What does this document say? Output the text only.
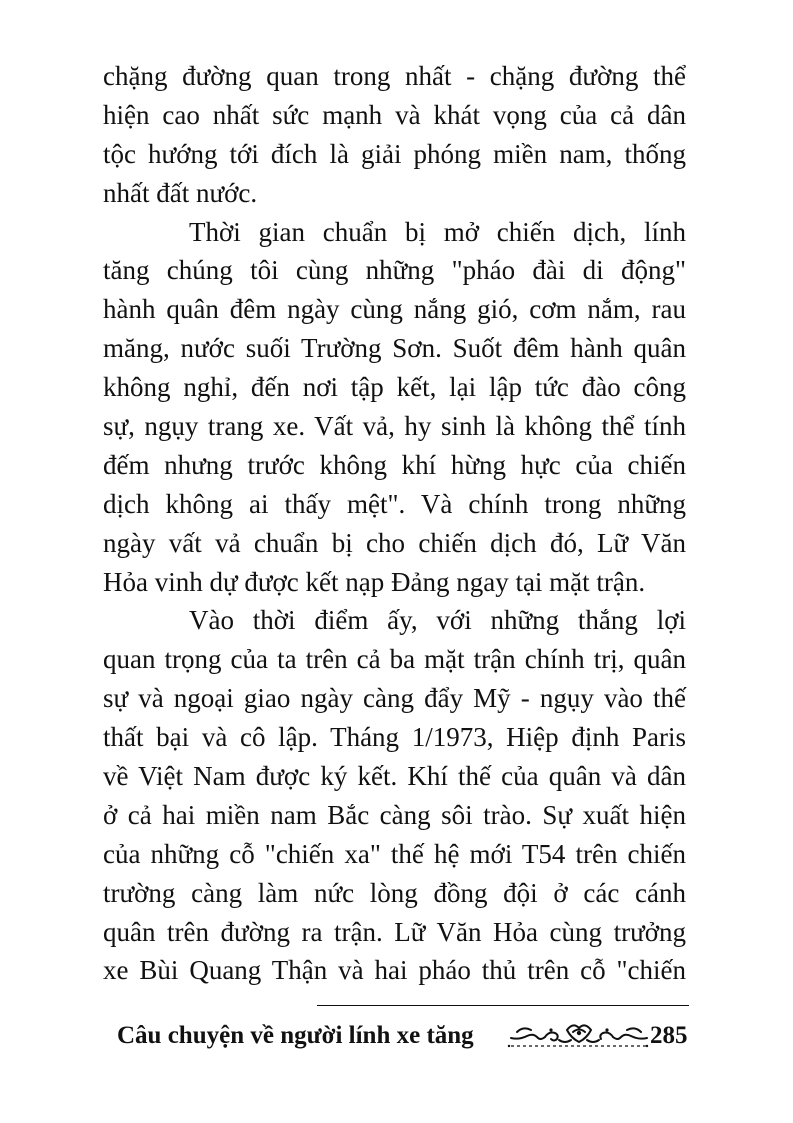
chặng đường quan trong nhất - chặng đường thể
hiện cao nhất sức mạnh và khát vọng của cả dân
tộc hướng tới đích là giải phóng miền nam, thống
nhất đất nước.
Thời gian chuẩn bị mở chiến dịch, lính
tăng chúng tôi cùng những "pháo đài di động"
hành quân đêm ngày cùng nắng gió, cơm nắm, rau
măng, nước suối Trường Sơn. Suốt đêm hành quân
không nghỉ, đến nơi tập kết, lại lập tức đào công
sự, ngụy trang xe. Vất vả, hy sinh là không thể tính
đếm nhưng trước không khí hừng hực của chiến
dịch không ai thấy mệt". Và chính trong những
ngày vất vả chuẩn bị cho chiến dịch đó, Lữ Văn
Hỏa vinh dự được kết nạp Đảng ngay tại mặt trận.
Vào thời điểm ấy, với những thắng lợi
quan trọng của ta trên cả ba mặt trận chính trị, quân
sự và ngoại giao ngày càng đẩy Mỹ - ngụy vào thế
thất bại và cô lập. Tháng 1/1973, Hiệp định Paris
về Việt Nam được ký kết. Khí thế của quân và dân
ở cả hai miền nam Bắc càng sôi trào. Sự xuất hiện
của những cỗ "chiến xa" thế hệ mới T54 trên chiến
trường càng làm nức lòng đồng đội ở các cánh
quân trên đường ra trận. Lữ Văn Hỏa cùng trưởng
xe Bùi Quang Thận và hai pháo thủ trên cỗ "chiến
Câu chuyện về người lính xe tăng	285
